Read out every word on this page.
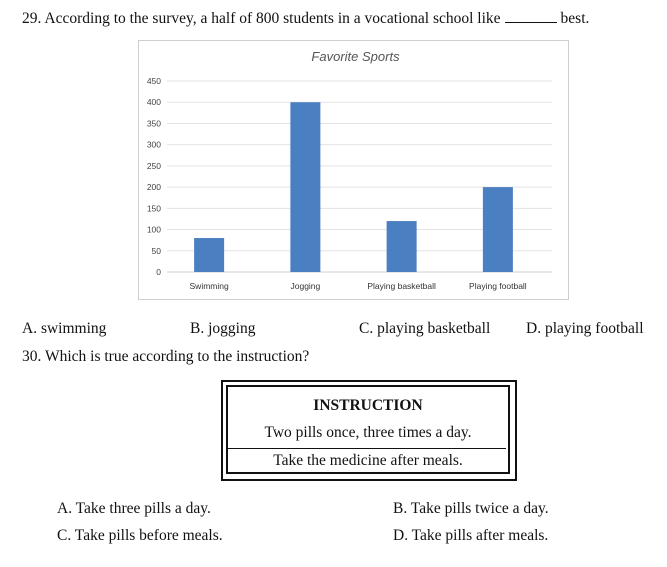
29. According to the survey, a half of 800 students in a vocational school like	best.
Favorite Sports
0
50
100
150
200
250
300
350
400
450
Swimming	Jogging	Playing basketball	Playing football
A. swimming	B. jogging	C. playing basketball D. playing football
30. Which is true according to the instruction?
INSTRUCTION
Two pills once, three times a day.
Take the medicine after meals.
A. Take three pills a day.	B. Take pills twice a day.
C. Take pills before meals.	D. Take pills after meals.
